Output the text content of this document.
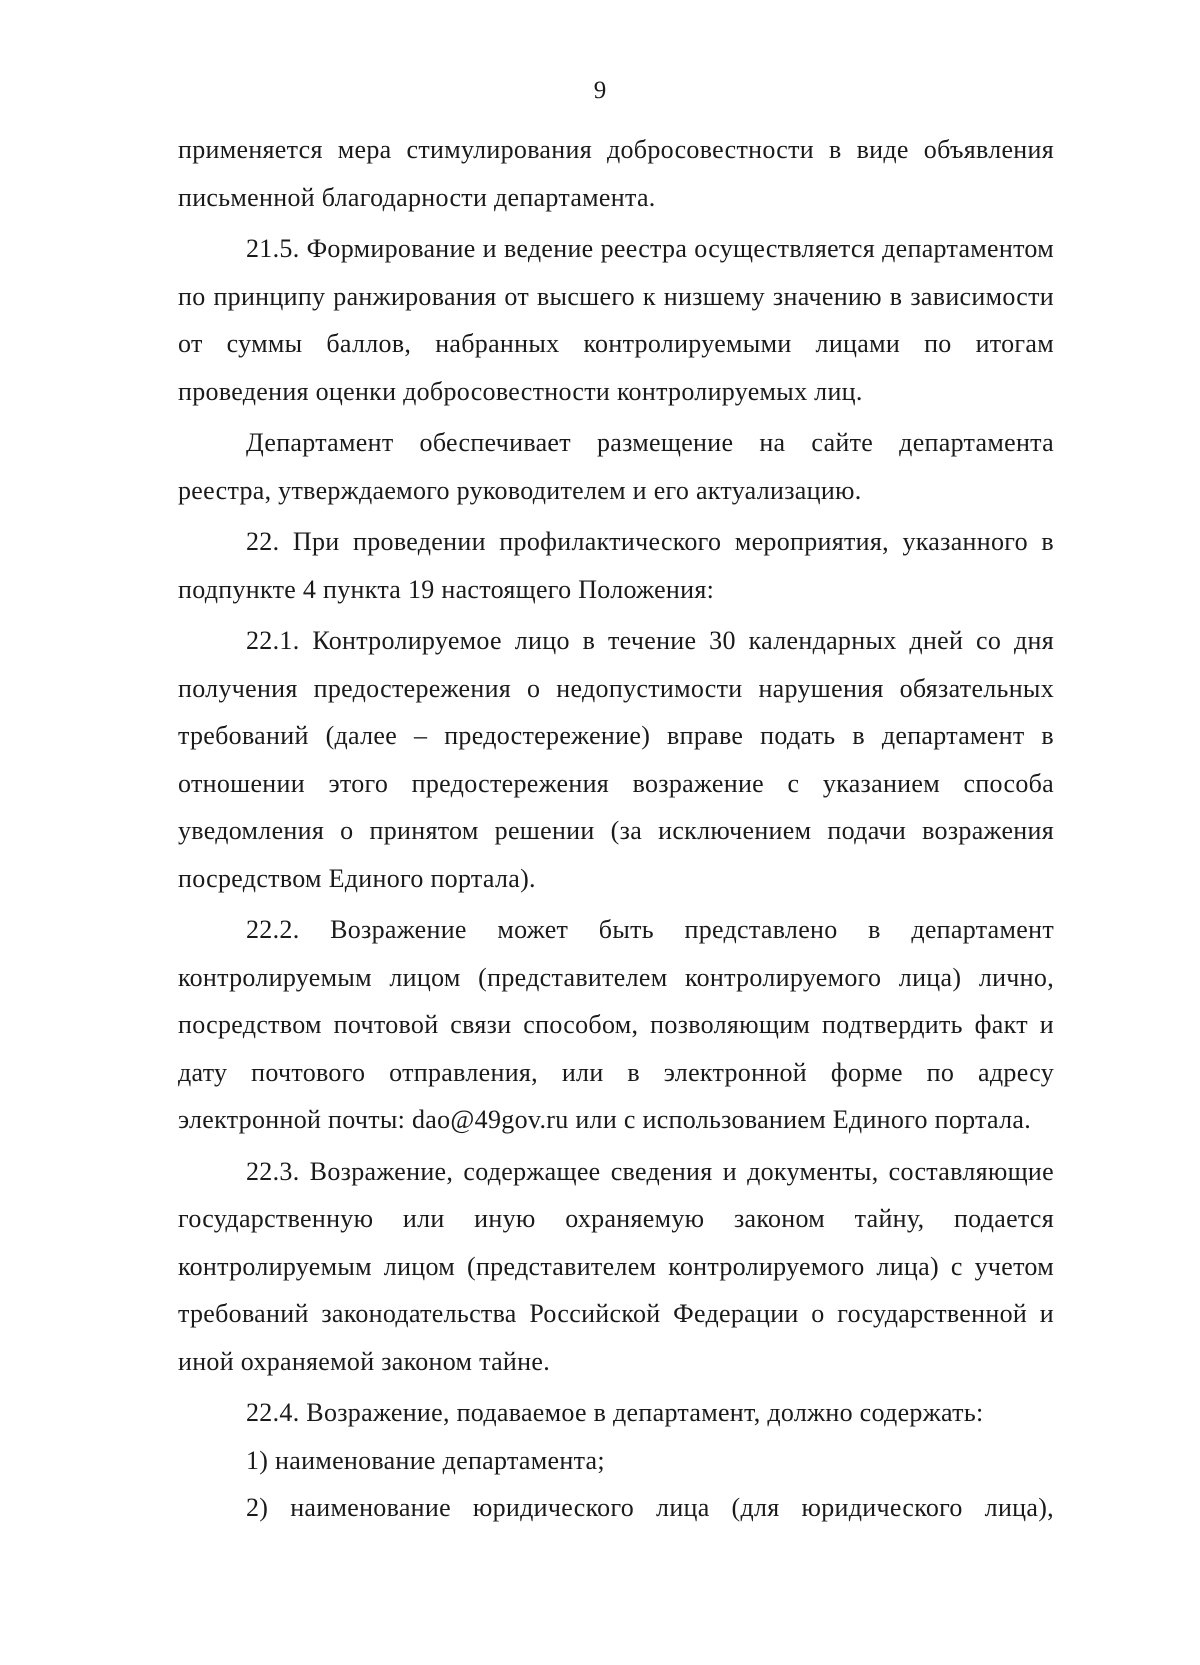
9

применяется мера стимулирования добросовестности в виде объявления письменной благодарности департамента.

21.5. Формирование и ведение реестра осуществляется департаментом по принципу ранжирования от высшего к низшему значению в зависимости от суммы баллов, набранных контролируемыми лицами по итогам проведения оценки добросовестности контролируемых лиц.

Департамент обеспечивает размещение на сайте департамента реестра, утверждаемого руководителем и его актуализацию.

22. При проведении профилактического мероприятия, указанного в подпункте 4 пункта 19 настоящего Положения:

22.1. Контролируемое лицо в течение 30 календарных дней со дня получения предостережения о недопустимости нарушения обязательных требований (далее – предостережение) вправе подать в департамент в отношении этого предостережения возражение с указанием способа уведомления о принятом решении (за исключением подачи возражения посредством Единого портала).

22.2. Возражение может быть представлено в департамент контролируемым лицом (представителем контролируемого лица) лично, посредством почтовой связи способом, позволяющим подтвердить факт и дату почтового отправления, или в электронной форме по адресу электронной почты: dao@49gov.ru или с использованием Единого портала.

22.3. Возражение, содержащее сведения и документы, составляющие государственную или иную охраняемую законом тайну, подается контролируемым лицом (представителем контролируемого лица) с учетом требований законодательства Российской Федерации о государственной и иной охраняемой законом тайне.

22.4. Возражение, подаваемое в департамент, должно содержать:

1) наименование департамента;

2) наименование юридического лица (для юридического лица),
